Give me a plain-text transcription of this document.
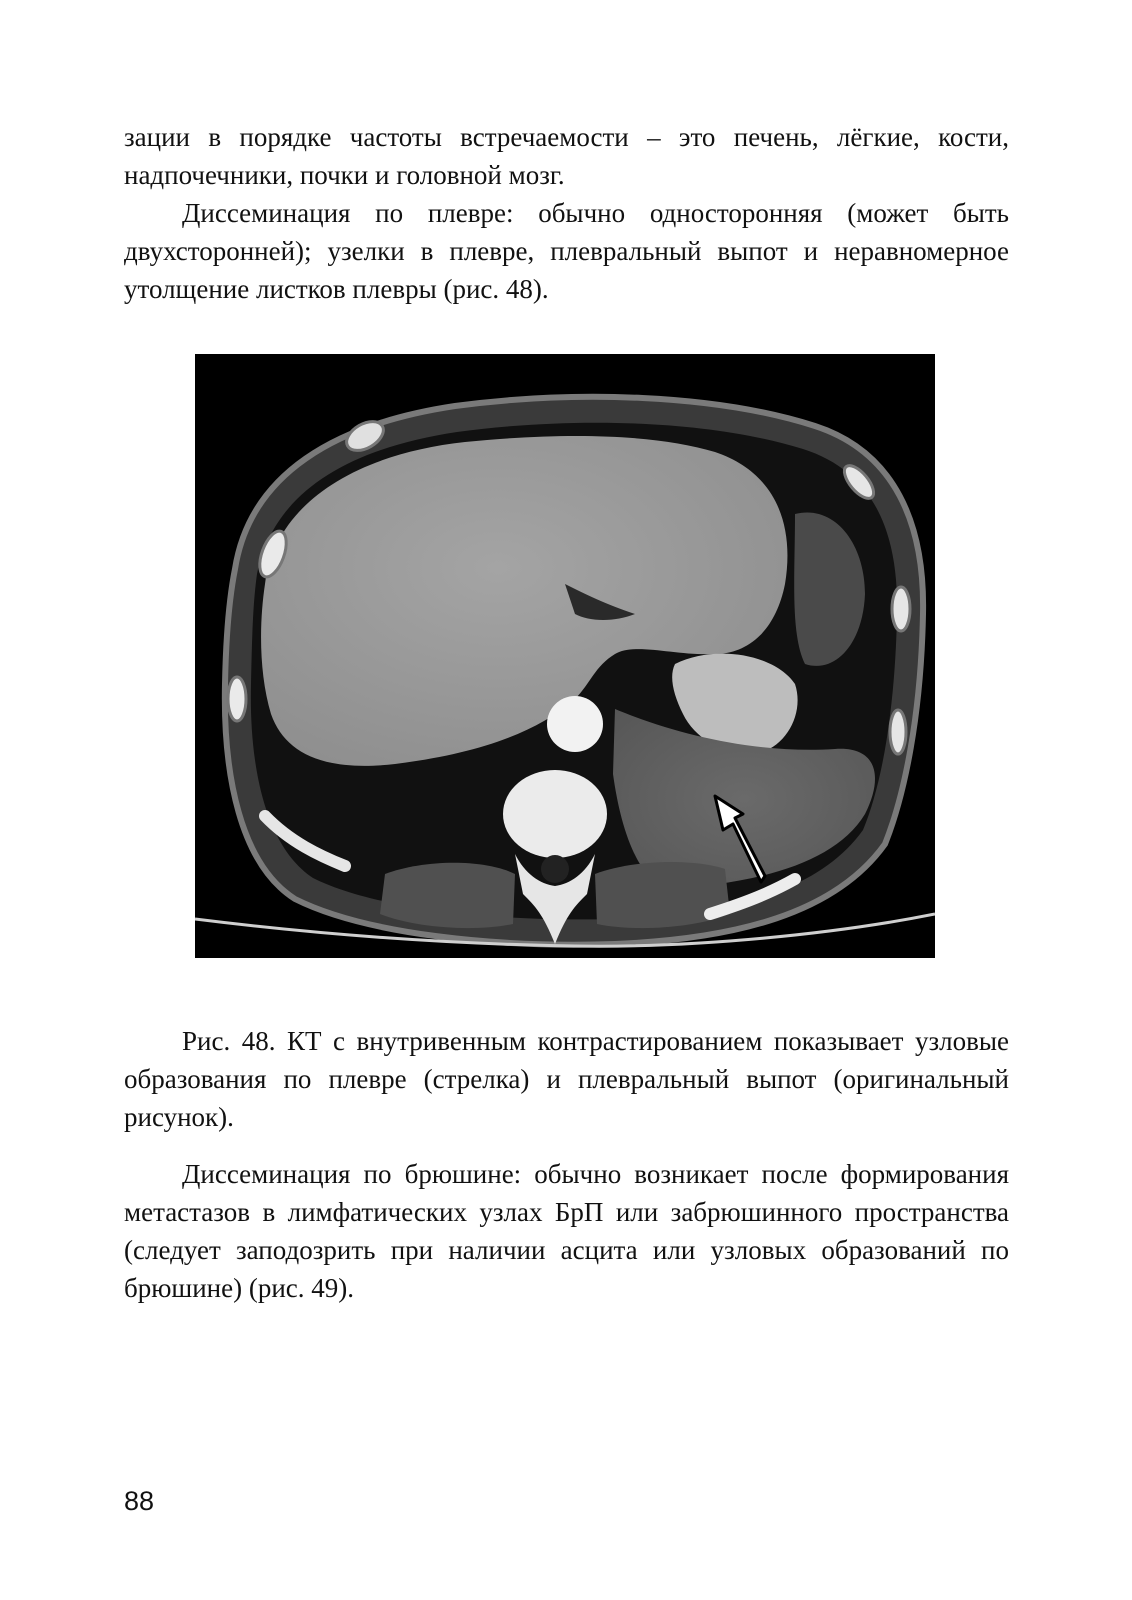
зации в порядке частоты встречаемости – это печень, лёгкие, кости, надпочечники, почки и головной мозг.

Диссеминация по плевре: обычно односторонняя (может быть двухсторонней); узелки в плевре, плевральный выпот и неравномерное утолщение листков плевры (рис. 48).

Рис. 48. КТ с внутривенным контрастированием показывает узловые образования по плевре (стрелка) и плевральный выпот (оригинальный рисунок).

Диссеминация по брюшине: обычно возникает после формирования метастазов в лимфатических узлах БрП или забрюшинного пространства (следует заподозрить при наличии асцита или узловых образований по брюшине) (рис. 49).

88
